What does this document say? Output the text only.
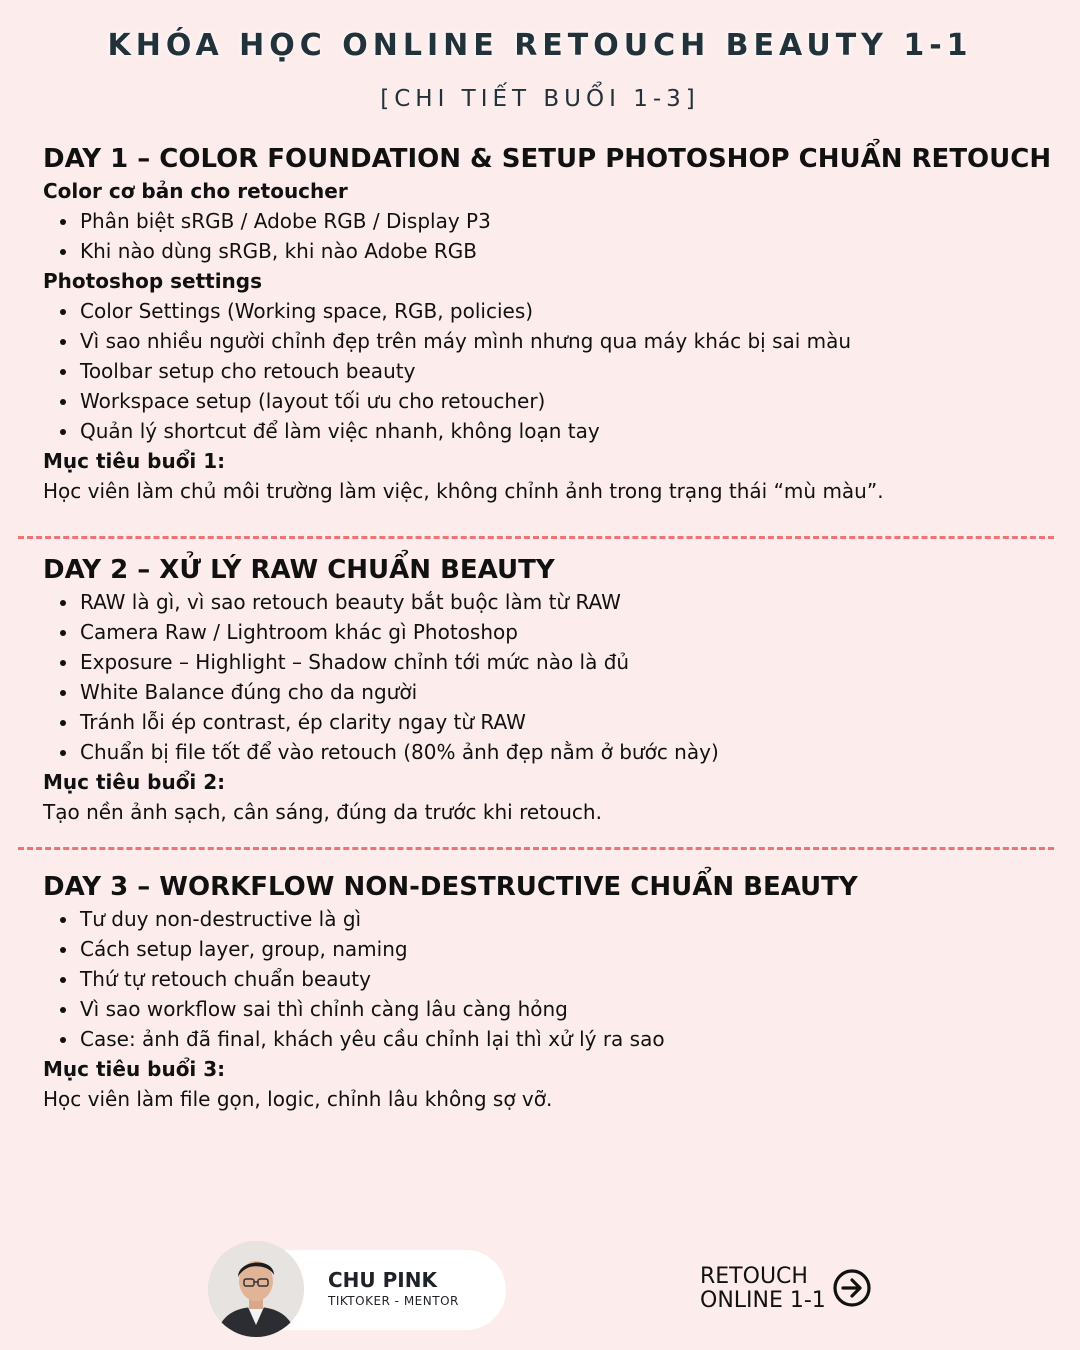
KHÓA HỌC ONLINE RETOUCH BEAUTY 1-1
[CHI TIẾT BUỔI 1-3]
DAY 1 – COLOR FOUNDATION & SETUP PHOTOSHOP CHUẨN RETOUCH

Color cơ bản cho retoucher

Phân biệt sRGB / Adobe RGB / Display P3
Khi nào dùng sRGB, khi nào Adobe RGB

Photoshop settings

Color Settings (Working space, RGB, policies)
Vì sao nhiều người chỉnh đẹp trên máy mình nhưng qua máy khác bị sai màu
Toolbar setup cho retouch beauty
Workspace setup (layout tối ưu cho retoucher)
Quản lý shortcut để làm việc nhanh, không loạn tay

Mục tiêu buổi 1:

Học viên làm chủ môi trường làm việc, không chỉnh ảnh trong trạng thái “mù màu”.

DAY 2 – XỬ LÝ RAW CHUẨN BEAUTY
RAW là gì, vì sao retouch beauty bắt buộc làm từ RAW
Camera Raw / Lightroom khác gì Photoshop
Exposure – Highlight – Shadow chỉnh tới mức nào là đủ
White Balance đúng cho da người
Tránh lỗi ép contrast, ép clarity ngay từ RAW
Chuẩn bị file tốt để vào retouch (80% ảnh đẹp nằm ở bước này)

Mục tiêu buổi 2:

Tạo nền ảnh sạch, cân sáng, đúng da trước khi retouch.

DAY 3 – WORKFLOW NON-DESTRUCTIVE CHUẨN BEAUTY
Tư duy non-destructive là gì
Cách setup layer, group, naming
Thứ tự retouch chuẩn beauty
Vì sao workflow sai thì chỉnh càng lâu càng hỏng
Case: ảnh đã final, khách yêu cầu chỉnh lại thì xử lý ra sao

Mục tiêu buổi 3:

Học viên làm file gọn, logic, chỉnh lâu không sợ vỡ.

CHU PINK
TIKTOKER - MENTOR
RETOUCH
ONLINE 1-1
